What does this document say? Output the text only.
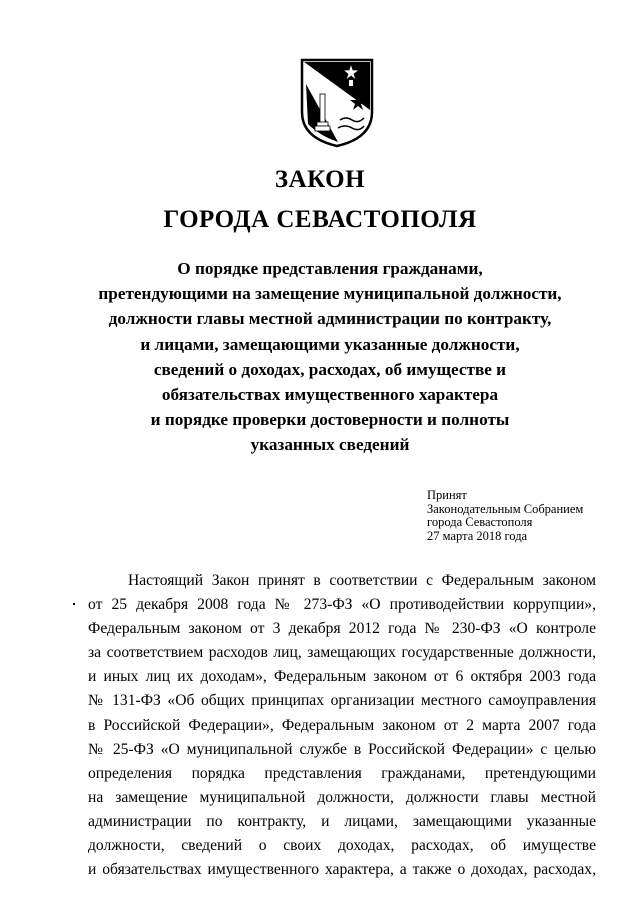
ЗАКОН
ГОРОДА СЕВАСТОПОЛЯ
О порядке представления гражданами,
претендующими на замещение муниципальной должности,
должности главы местной администрации по контракту,
и лицами, замещающими указанные должности,
сведений о доходах, расходах, об имуществе и
обязательствах имущественного характера
и порядке проверки достоверности и полноты
указанных сведений
Принят
Законодательным Собранием
города Севастополя
27 марта 2018 года
Настоящий Закон принят в соответствии с Федеральным законом
от 25 декабря 2008 года № 273-ФЗ «О противодействии коррупции»,
Федеральным законом от 3 декабря 2012 года № 230-ФЗ «О контроле
за соответствием расходов лиц, замещающих государственные должности,
и иных лиц их доходам», Федеральным законом от 6 октября 2003 года
№ 131-ФЗ «Об общих принципах организации местного самоуправления
в Российской Федерации», Федеральным законом от 2 марта 2007 года
№ 25-ФЗ «О муниципальной службе в Российской Федерации» с целью
определения порядка представления гражданами, претендующими
на замещение муниципальной должности, должности главы местной
администрации по контракту, и лицами, замещающими указанные
должности, сведений о своих доходах, расходах, об имуществе
и обязательствах имущественного характера, а также о доходах, расходах,
